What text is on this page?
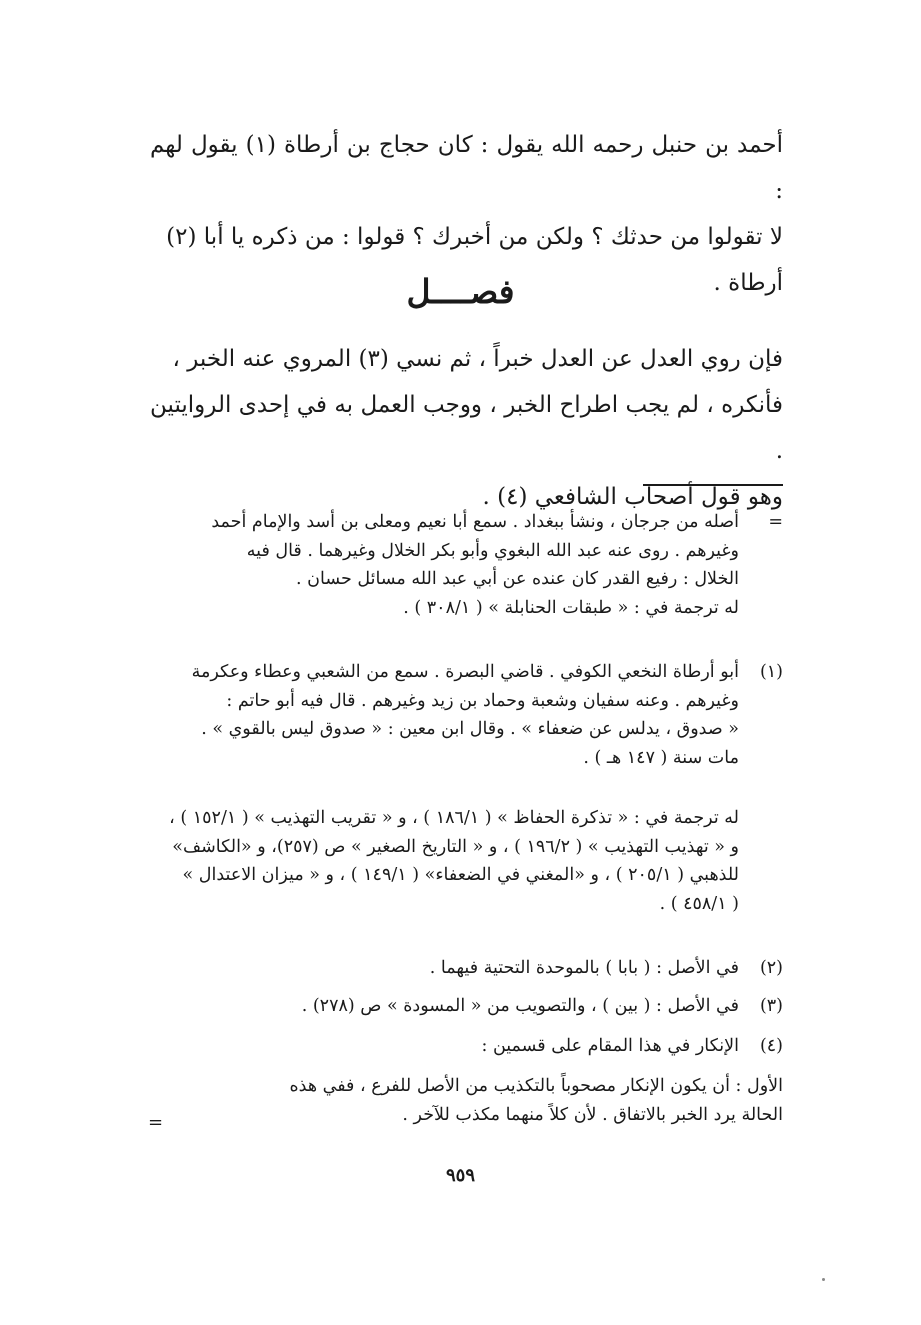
أحمد بن حنبل رحمه الله يقول : كان حجاج بن أرطاة (١) يقول لهم :
لا تقولوا من حدثك ؟ ولكن من أخبرك ؟ قولوا : من ذكره يا أبا (٢)
أرطاة .
فصــــل
فإن روي العدل عن العدل خبراً ، ثم نسي (٣) المروي عنه الخبر ،
فأنكره ، لم يجب اطراح الخبر ، ووجب العمل به في إحدى الروايتين .
وهو قول أصحاب الشافعي (٤) .
=
أصله من جرجان ، ونشأ ببغداد . سمع أبا نعيم ومعلى بن أسد والإمام أحمد
وغيرهم . روى عنه عبد الله البغوي وأبو بكر الخلال وغيرهما . قال فيه
الخلال : رفيع القدر كان عنده عن أبي عبد الله مسائل حسان .
له ترجمة في : « طبقات الحنابلة » ( ٣٠٨/١ ) .
(١)
أبو أرطاة النخعي الكوفي . قاضي البصرة . سمع من الشعبي وعطاء وعكرمة
وغيرهم . وعنه سفيان وشعبة وحماد بن زيد وغيرهم . قال فيه أبو حاتم :
« صدوق ، يدلس عن ضعفاء » . وقال ابن معين : « صدوق ليس بالقوي » .
مات سنة ( ١٤٧ هـ ) .
له ترجمة في : « تذكرة الحفاظ » ( ١٨٦/١ ) ، و « تقريب التهذيب » ( ١٥٢/١ ) ،
و « تهذيب التهذيب » ( ١٩٦/٢ ) ، و « التاريخ الصغير » ص (٢٥٧)، و «الكاشف»
للذهبي ( ٢٠٥/١ ) ، و «المغني في الضعفاء» ( ١٤٩/١ ) ، و « ميزان الاعتدال »
( ٤٥٨/١ ) .
(٢)
في الأصل : ( بابا ) بالموحدة التحتية فيهما .
(٣)
في الأصل : ( بين ) ، والتصويب من « المسودة » ص (٢٧٨) .
(٤)
الإنكار في هذا المقام على قسمين :
الأول : أن يكون الإنكار مصحوباً بالتكذيب من الأصل للفرع ، ففي هذه
الحالة يرد الخبر بالاتفاق . لأن كلاً منهما مكذب للآخر .
=
٩٥٩
